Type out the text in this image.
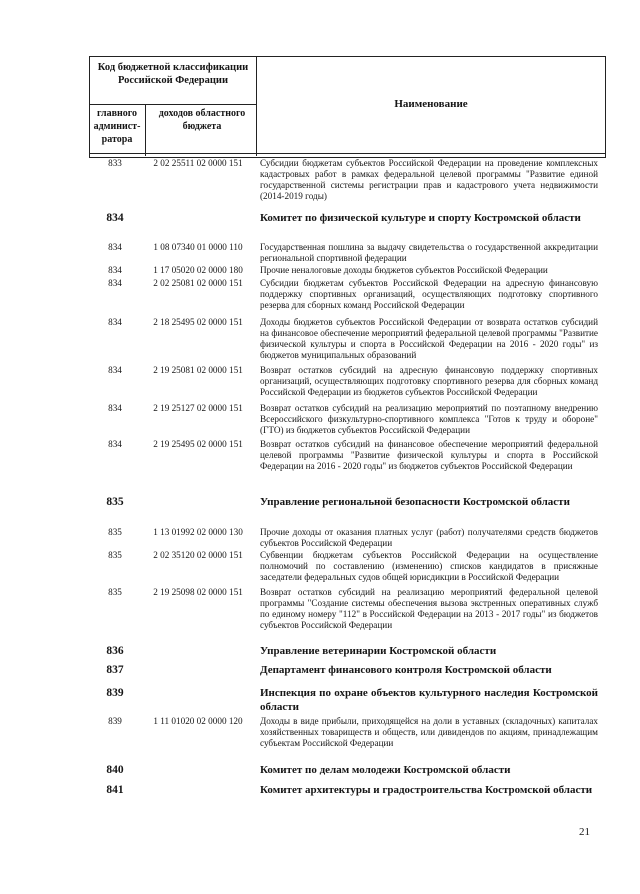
Код бюджетной классификации Российской Федерации
главного админист-ратора
доходов областного бюджета
Наименование
833	2 02 25511 02 0000 151	Субсидии бюджетам субъектов Российской Федерации на проведение комплексных кадастровых работ в рамках федеральной целевой программы "Развитие единой государственной системы регистрации прав и кадастрового учета недвижимости (2014-2019 годы)
834	Комитет по физической культуре и спорту Костромской области
834	1 08 07340 01 0000 110	Государственная пошлина за выдачу свидетельства о государственной аккредитации региональной спортивной федерации
834	1 17 05020 02 0000 180	Прочие неналоговые доходы бюджетов субъектов Российской Федерации
834	2 02 25081 02 0000 151	Субсидии бюджетам субъектов Российской Федерации на адресную финансовую поддержку спортивных организаций, осуществляющих подготовку спортивного резерва для сборных команд Российской Федерации
834	2 18 25495 02 0000 151	Доходы бюджетов субъектов Российской Федерации от возврата остатков субсидий на финансовое обеспечение мероприятий федеральной целевой программы "Развитие физической культуры и спорта в Российской Федерации на 2016 - 2020 годы" из бюджетов муниципальных образований
834	2 19 25081 02 0000 151	Возврат остатков субсидий на адресную финансовую поддержку спортивных организаций, осуществляющих подготовку спортивного резерва для сборных команд Российской Федерации из бюджетов субъектов Российской Федерации
834	2 19 25127 02 0000 151	Возврат остатков субсидий на реализацию мероприятий по поэтапному внедрению Всероссийского физкультурно-спортивного комплекса "Готов к труду и обороне" (ГТО) из бюджетов субъектов Российской Федерации
834	2 19 25495 02 0000 151	Возврат остатков субсидий на финансовое обеспечение мероприятий федеральной целевой программы "Развитие физической культуры и спорта в Российской Федерации на 2016 - 2020 годы" из бюджетов субъектов Российской Федерации
835	Управление региональной безопасности Костромской области
835	1 13 01992 02 0000 130	Прочие доходы от оказания платных услуг (работ) получателями средств бюджетов субъектов Российской Федерации
835	2 02 35120 02 0000 151	Субвенции бюджетам субъектов Российской Федерации на осуществление полномочий по составлению (изменению) списков кандидатов в присяжные заседатели федеральных судов общей юрисдикции в Российской Федерации
835	2 19 25098 02 0000 151	Возврат остатков субсидий на реализацию мероприятий федеральной целевой программы "Создание системы обеспечения вызова экстренных оперативных служб по единому номеру "112" в Российской Федерации на 2013 - 2017 годы" из бюджетов субъектов Российской Федерации
836	Управление ветеринарии Костромской области
837	Департамент финансового контроля Костромской области
839	Инспекция по охране объектов культурного наследия Костромской области
839	1 11 01020 02 0000 120	Доходы в виде прибыли, приходящейся на доли в уставных (складочных) капиталах хозяйственных товариществ и обществ, или дивидендов по акциям, принадлежащим субъектам Российской Федерации
840	Комитет по делам молодежи Костромской области
841	Комитет архитектуры и градостроительства Костромской области
21
